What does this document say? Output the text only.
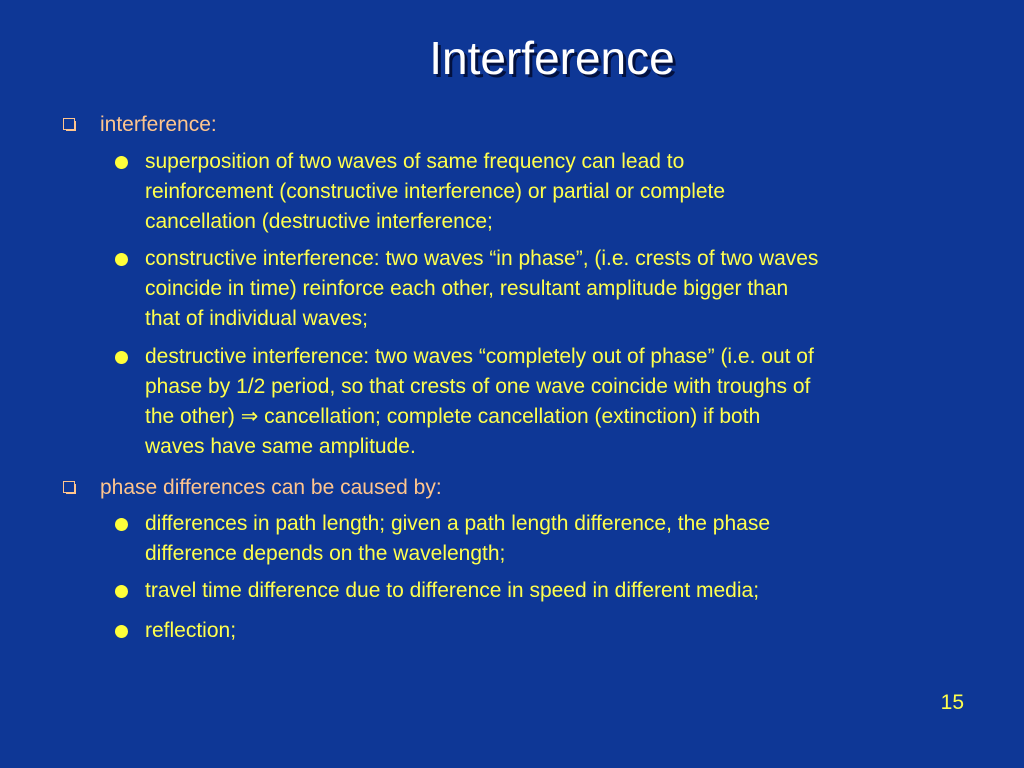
Interference
interference:
superposition of two waves of same frequency can lead to
reinforcement (constructive interference) or partial or complete
cancellation (destructive interference;
constructive interference: two waves “in phase”, (i.e. crests of two waves
coincide in time) reinforce each other, resultant amplitude bigger than
that of individual waves;
destructive interference: two waves “completely out of phase” (i.e. out of
phase by 1/2 period, so that crests of one wave coincide with troughs of
the other) ⇒ cancellation; complete cancellation (extinction) if both
waves have same amplitude.
phase differences can be caused by:
differences in path length; given a path length difference, the phase
difference depends on the wavelength;
travel time difference due to difference in speed in different media;
reflection;
15
